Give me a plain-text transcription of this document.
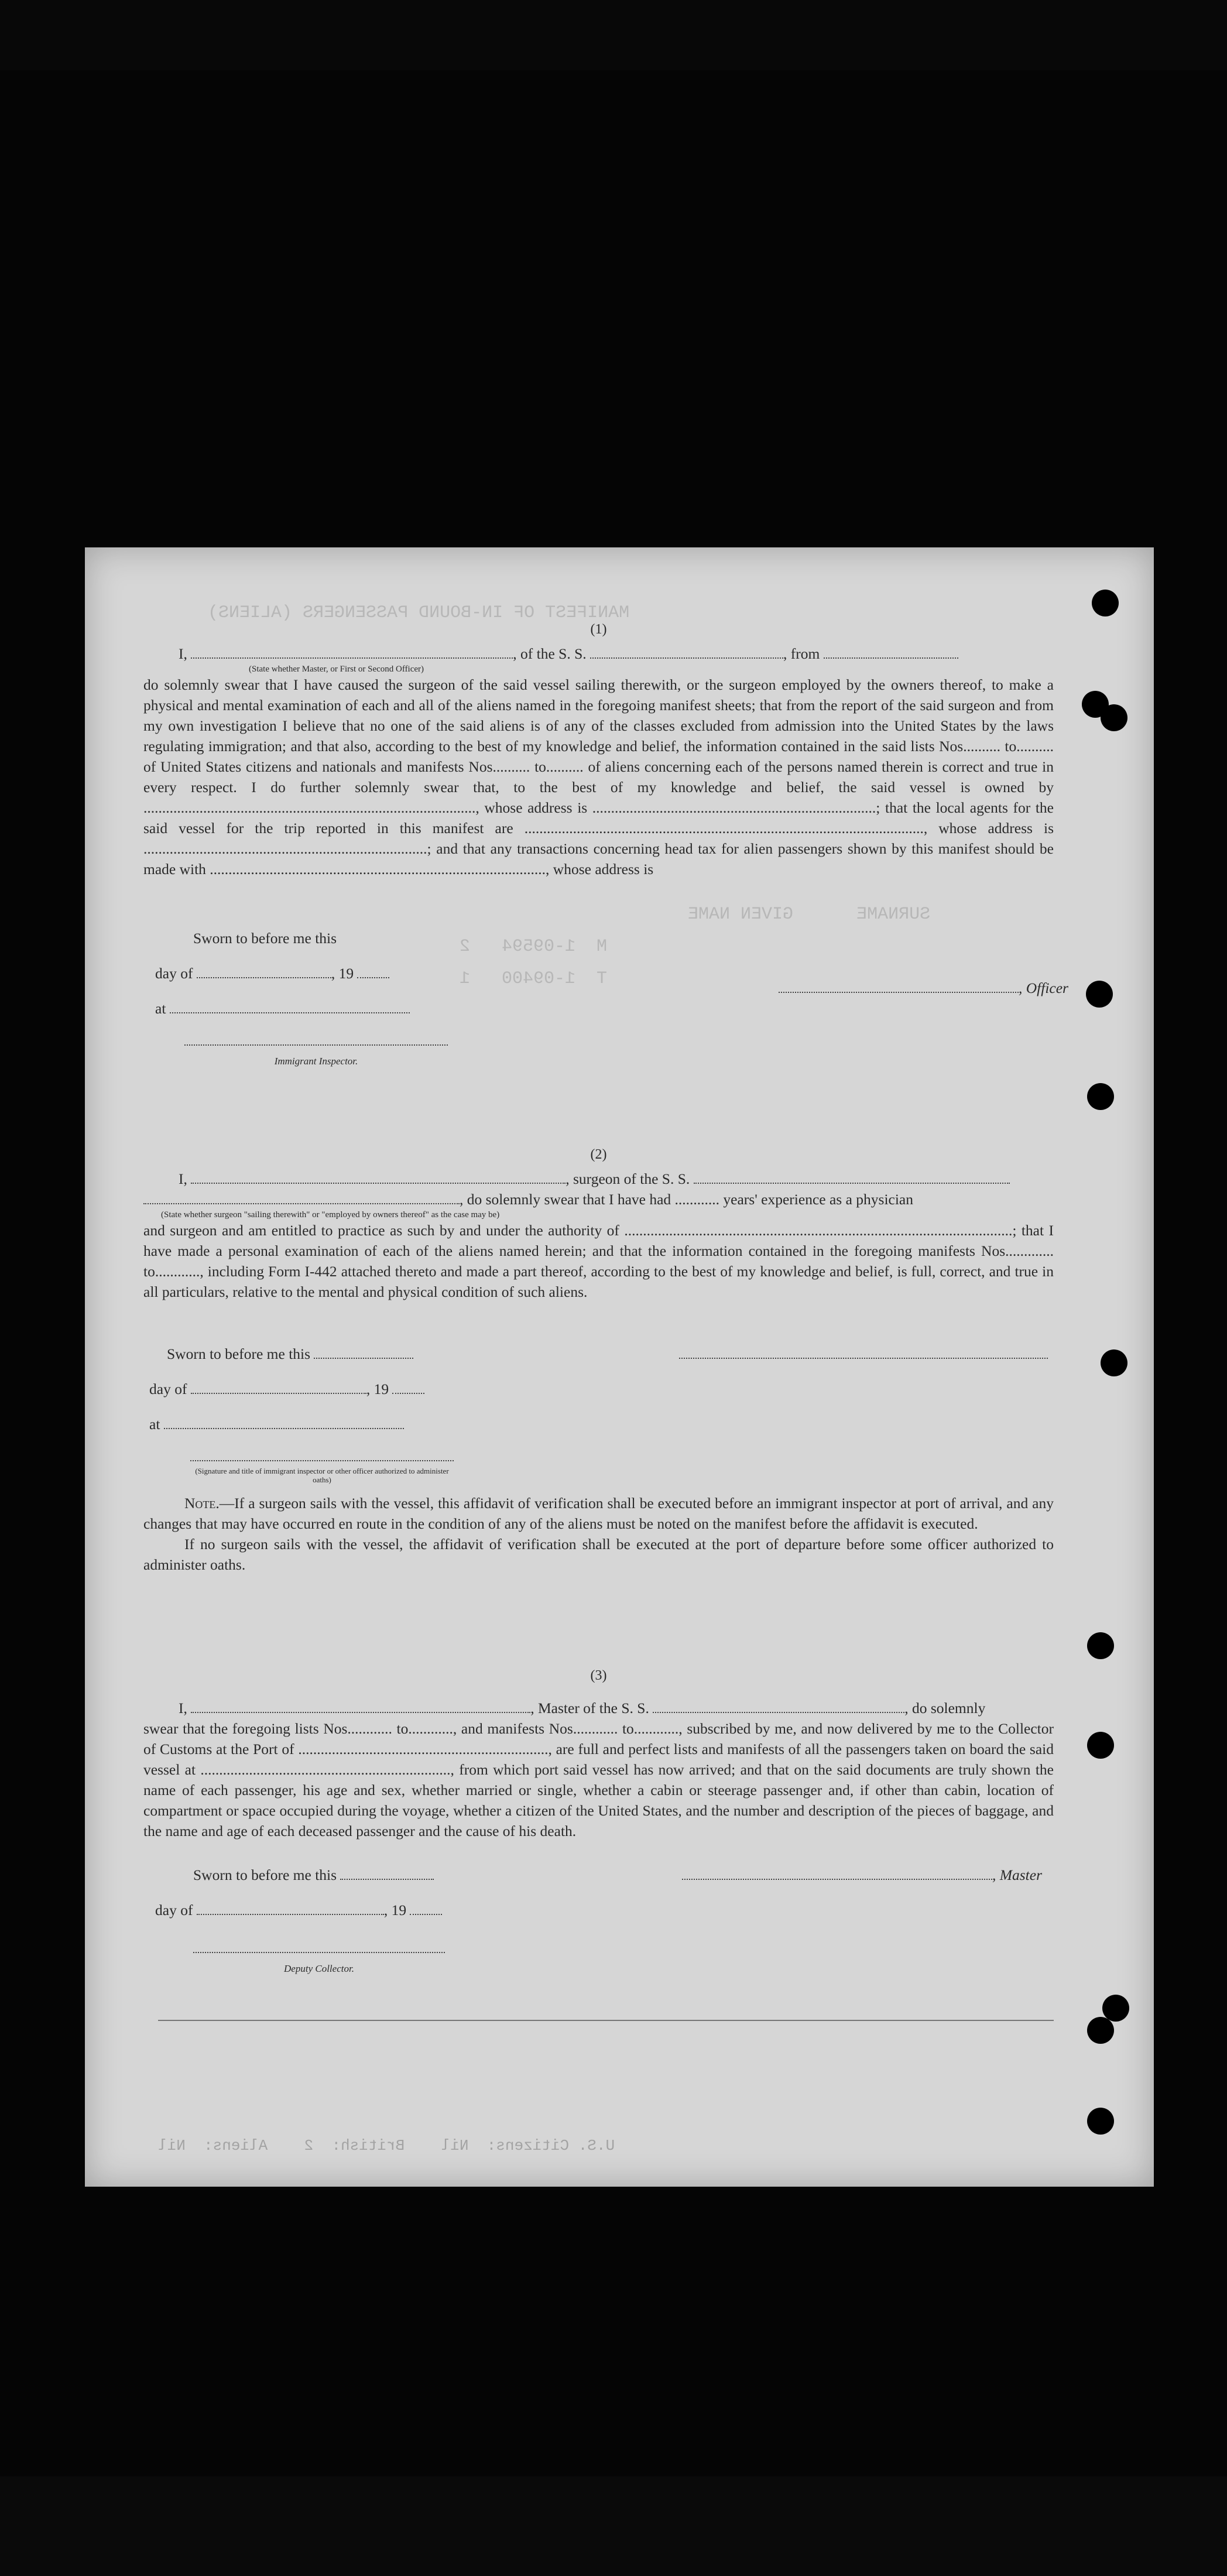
MANIFEST OF IN-BOUND PASSENGERS (ALIENS)
M  1-09594   2
T  1-09400   1
SURNAME      GIVEN NAME
(1)
I,	, of the S. S.	, from
(State whether Master, or First or Second Officer)
do solemnly swear that I have caused the surgeon of the said vessel sailing therewith, or the surgeon employed by the owners thereof, to make a physical and mental examination of each and all of the aliens named in the foregoing manifest sheets; that from the report of the said surgeon and from my own investigation I believe that no one of the said aliens is of any of the classes excluded from admission into the United States by the laws regulating immigration; and that also, according to the best of my knowledge and belief, the information contained in the said lists Nos.......... to.......... of United States citizens and nationals and manifests Nos.......... to.......... of aliens concerning each of the persons named therein is correct and true in every respect. I do further solemnly swear that, to the best of my knowledge and belief, the said vessel is owned by ........................................................................................., whose address is ............................................................................; that the local agents for the said vessel for the trip reported in this manifest are ..........................................................................................................., whose address is ............................................................................; and that any transactions concerning head tax for alien passengers shown by this manifest should be made with .........................................................................................., whose address is
Sworn to before me this
day of	, 19
at
, Officer
Immigrant Inspector.
(2)
I,	, surgeon of the S. S.
, do solemnly swear that I have had ............ years' experience as a physician
(State whether surgeon "sailing therewith" or "employed by owners thereof" as the case may be)
and surgeon and am entitled to practice as such by and under the authority of ........................................................................................................; that I have made a personal examination of each of the aliens named herein; and that the information contained in the foregoing manifests Nos............. to............, including Form I-442 attached thereto and made a part thereof, according to the best of my knowledge and belief, is full, correct, and true in all particulars, relative to the mental and physical condition of such aliens.
Sworn to before me this
day of	, 19
at
(Signature and title of immigrant inspector or other officer authorized to administer oaths)
Note.—If a surgeon sails with the vessel, this affidavit of verification shall be executed before an immigrant inspector at port of arrival, and any changes that may have occurred en route in the condition of any of the aliens must be noted on the manifest before the affidavit is executed.
If no surgeon sails with the vessel, the affidavit of verification shall be executed at the port of departure before some officer authorized to administer oaths.
(3)
I,	, Master of the S. S.	, do solemnly
swear that the foregoing lists Nos............ to............, and manifests Nos............ to............, subscribed by me, and now delivered by me to the Collector of Customs at the Port of ..................................................................., are full and perfect lists and manifests of all the passengers taken on board the said vessel at ..................................................................., from which port said vessel has now arrived; and that on the said documents are truly shown the name of each passenger, his age and sex, whether married or single, whether a cabin or steerage passenger and, if other than cabin, location of compartment or space occupied during the voyage, whether a citizen of the United States, and the number and description of the pieces of baggage, and the name and age of each deceased passenger and the cause of his death.
Sworn to before me this	, Master
day of	, 19
Deputy Collector.
U.S. Citizens:  Nil    British:  2    Aliens:  Nil
